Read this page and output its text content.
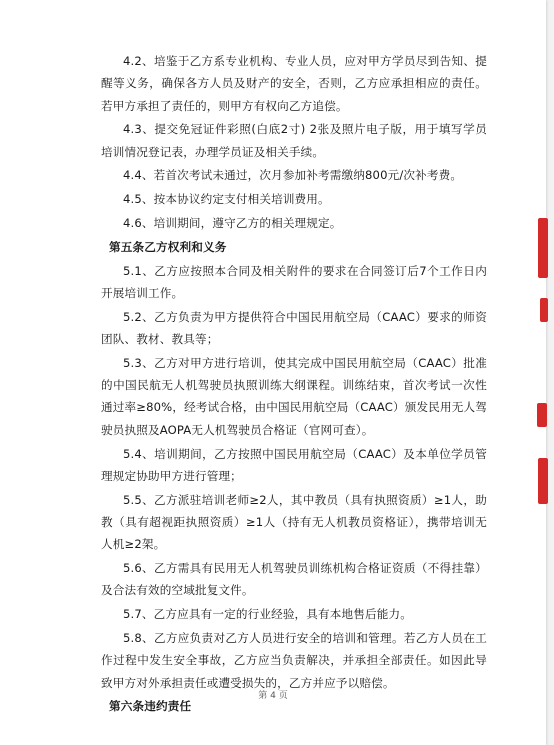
4.2、培鉴于乙方系专业机构、专业人员，应对甲方学员尽到告知、提醒等义务，确保各方人员及财产的安全，否则，乙方应承担相应的责任。若甲方承担了责任的，则甲方有权向乙方追偿。

4.3、提交免冠证件彩照(白底2寸) 2张及照片电子版，用于填写学员培训情况登记表，办理学员证及相关手续。

4.4、若首次考试未通过，次月参加补考需缴纳800元/次补考费。

4.5、按本协议约定支付相关培训费用。

4.6、培训期间，遵守乙方的相关理规定。

第五条乙方权利和义务

5.1、乙方应按照本合同及相关附件的要求在合同签订后7个工作日内开展培训工作。

5.2、乙方负责为甲方提供符合中国民用航空局（CAAC）要求的师资团队、教材、教具等；

5.3、乙方对甲方进行培训，使其完成中国民用航空局（CAAC）批准的中国民航无人机驾驶员执照训练大纲课程。训练结束，首次考试一次性通过率≥80%，经考试合格，由中国民用航空局（CAAC）颁发民用无人驾驶员执照及AOPA无人机驾驶员合格证（官网可查）。

5.4、培训期间，乙方按照中国民用航空局（CAAC）及本单位学员管理规定协助甲方进行管理；

5.5、乙方派驻培训老师≥2人，其中教员（具有执照资质）≥1人，助教（具有超视距执照资质）≥1人（持有无人机教员资格证），携带培训无人机≥2架。

5.6、乙方需具有民用无人机驾驶员训练机构合格证资质（不得挂靠）及合法有效的空域批复文件。

5.7、乙方应具有一定的行业经验，具有本地售后能力。

5.8、乙方应负责对乙方人员进行安全的培训和管理。若乙方人员在工作过程中发生安全事故，乙方应当负责解决，并承担全部责任。如因此导致甲方对外承担责任或遭受损失的，乙方并应予以赔偿。

第六条违约责任

第 4 页
